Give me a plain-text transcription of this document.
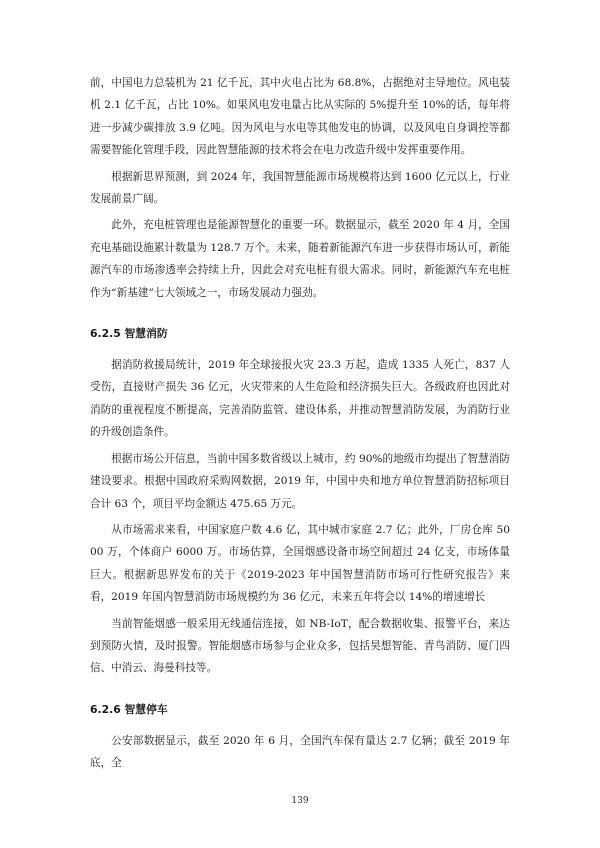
前，中国电力总装机为 21 亿千瓦，其中火电占比为 68.8%，占据绝对主导地位。风电装机 2.1 亿千瓦，占比 10%。如果风电发电量占比从实际的 5%提升至 10%的话，每年将进一步减少碳排放 3.9 亿吨。因为风电与水电等其他发电的协调，以及风电自身调控等都需要智能化管理手段，因此智慧能源的技术将会在电力改造升级中发挥重要作用。

根据新思界预测，到 2024 年，我国智慧能源市场规模将达到 1600 亿元以上，行业发展前景广阔。

此外，充电桩管理也是能源智慧化的重要一环。数据显示，截至 2020 年 4 月，全国充电基础设施累计数量为 128.7 万个。未来，随着新能源汽车进一步获得市场认可，新能源汽车的市场渗透率会持续上升，因此会对充电桩有很大需求。同时，新能源汽车充电桩作为“新基建”七大领域之一，市场发展动力强劲。

6.2.5 智慧消防

据消防救援局统计，2019 年全球接报火灾 23.3 万起，造成 1335 人死亡，837 人受伤，直接财产损失 36 亿元，火灾带来的人生危险和经济损失巨大。各级政府也因此对消防的重视程度不断提高，完善消防监管、建设体系，并推动智慧消防发展，为消防行业的升级创造条件。

根据市场公开信息，当前中国多数省级以上城市，约 90%的地级市均提出了智慧消防建设要求。根据中国政府采购网数据，2019 年，中国中央和地方单位智慧消防招标项目合计 63 个，项目平均金额达 475.65 万元。

从市场需求来看，中国家庭户数 4.6 亿，其中城市家庭 2.7 亿；此外，厂房仓库 5000 万，个体商户 6000 万。市场估算，全国烟感设备市场空间超过 24 亿支，市场体量巨大。根据新思界发布的关于《2019-2023 年中国智慧消防市场可行性研究报告》来看，2019 年国内智慧消防市场规模约为 36 亿元，未来五年将会以 14%的增速增长

当前智能烟感一般采用无线通信连接，如 NB-IoT，配合数据收集、报警平台，来达到预防火情，及时报警。智能烟感市场参与企业众多，包括昊想智能、青鸟消防、厦门四信、中消云、海曼科技等。

6.2.6 智慧停车

公安部数据显示，截至 2020 年 6 月，全国汽车保有量达 2.7 亿辆；截至 2019 年底，全

139
